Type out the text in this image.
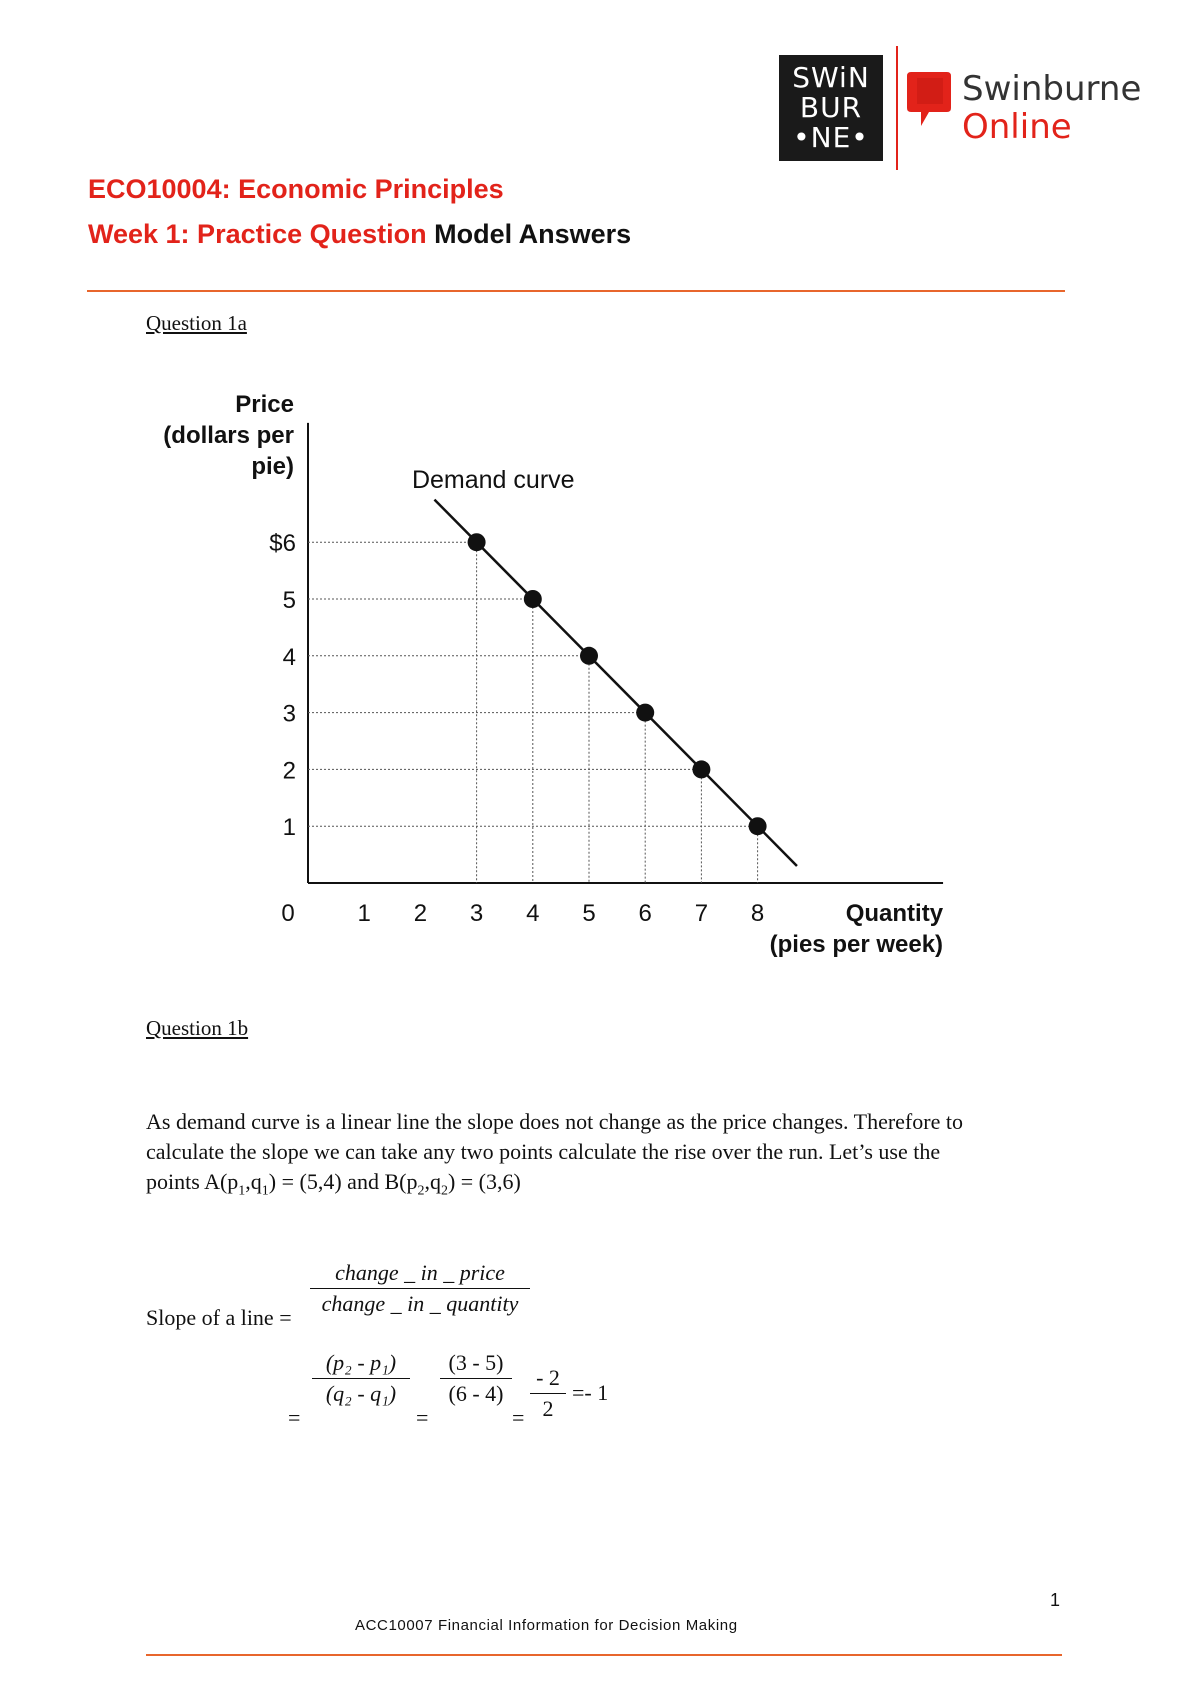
SWiN
BUR
•NE•
Swinburne
Online
ECO10004: Economic Principles
Week 1: Practice Question Model Answers
Question 1a
1
2
3
4
5
$6
0	1 2 3 4 5 6 7 8
Price
(dollars per
pie)
Quantity
(pies per week)
Demand curve
Question 1b
As demand curve is a linear line the slope does not change as the price changes. Therefore to
calculate the slope we can take any two points calculate the rise over the run. Let’s use the
points $A(p_1,q_1) = (5,4)$ and $B(p_2,q_2) = (3,6)$
Slope of a line =
change _ in _ price
change _ in _ quantity
=
$\frac{\text{(p₂ - p₁)}}{\text{(q₂ - q₁)}}$
=
$\frac{(3 - 5)}{(6 - 4)}$
= $\frac{- 2}{2} =- 1$
1
ACC10007 Financial Information for Decision Making
